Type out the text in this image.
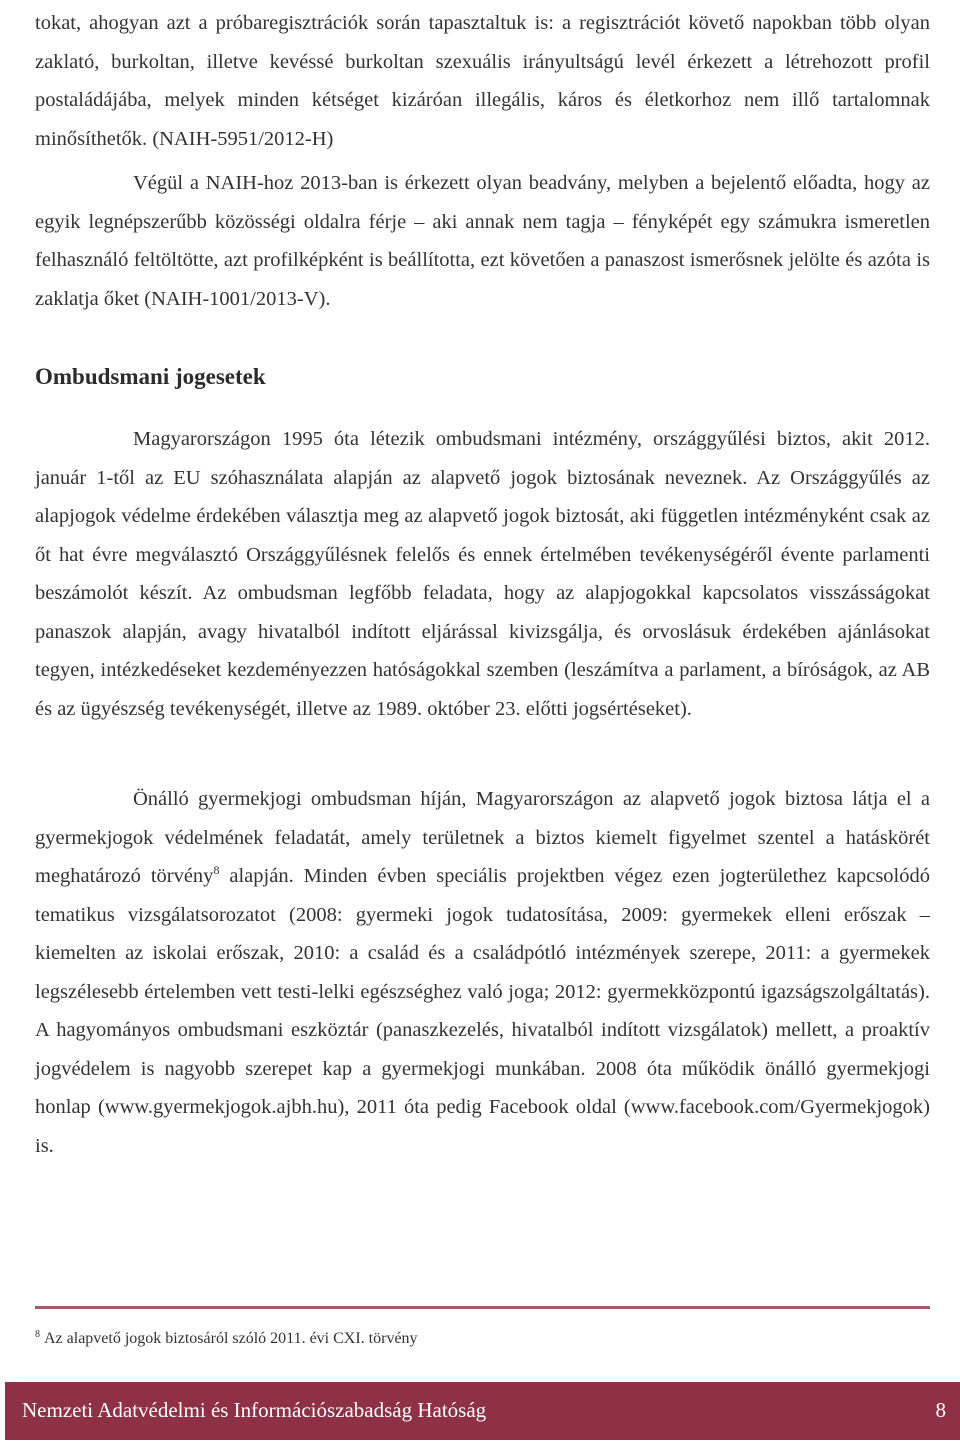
tokat, ahogyan azt a próbaregisztrációk során tapasztaltuk is: a regisztrációt követő napokban több olyan zaklató, burkoltan, illetve kevéssé burkoltan szexuális irányultságú levél érkezett a létrehozott profil postaládájába, melyek minden kétséget kizáróan illegális, káros és életkorhoz nem illő tartalomnak minősíthetők. (NAIH-5951/2012-H)

Végül a NAIH-hoz 2013-ban is érkezett olyan beadvány, melyben a bejelentő előadta, hogy az egyik legnépszerűbb közösségi oldalra férje – aki annak nem tagja – fényképét egy számukra ismeretlen felhasználó feltöltötte, azt profilképként is beállította, ezt követően a panaszost ismerősnek jelölte és azóta is zaklatja őket (NAIH-1001/2013-V).

Ombudsmani jogesetek

Magyarországon 1995 óta létezik ombudsmani intézmény, országgyűlési biztos, akit 2012. január 1-től az EU szóhasználata alapján az alapvető jogok biztosának neveznek. Az Országgyűlés az alapjogok védelme érdekében választja meg az alapvető jogok biztosát, aki független intézményként csak az őt hat évre megválasztó Országgyűlésnek felelős és ennek értelmében tevékenységéről évente parlamenti beszámolót készít. Az ombudsman legfőbb feladata, hogy az alapjogokkal kapcsolatos visszásságokat panaszok alapján, avagy hivatalból indított eljárással kivizsgálja, és orvoslásuk érdekében ajánlásokat tegyen, intézkedéseket kezdeményezzen hatóságokkal szemben (leszámítva a parlament, a bíróságok, az AB és az ügyészség tevékenységét, illetve az 1989. október 23. előtti jogsértéseket).

Önálló gyermekjogi ombudsman híján, Magyarországon az alapvető jogok biztosa látja el a gyermekjogok védelmének feladatát, amely területnek a biztos kiemelt figyelmet szentel a hatáskörét meghatározó törvény$^8$ alapján. Minden évben speciális projektben végez ezen jogterülethez kapcsolódó tematikus vizsgálatsorozatot (2008: gyermeki jogok tudatosítása, 2009: gyermekek elleni erőszak – kiemelten az iskolai erőszak, 2010: a család és a családpótló intézmények szerepe, 2011: a gyermekek legszélesebb értelemben vett testi-lelki egészséghez való joga; 2012: gyermekközpontú igazságszolgáltatás). A hagyományos ombudsmani eszköztár (panaszkezelés, hivatalból indított vizsgálatok) mellett, a proaktív jogvédelem is nagyobb szerepet kap a gyermekjogi munkában. 2008 óta működik önálló gyermekjogi honlap (www.gyermekjogok.ajbh.hu), 2011 óta pedig Facebook oldal (www.facebook.com/Gyermekjogok) is.

$^8$ Az alapvető jogok biztosáról szóló 2011. évi CXI. törvény
Nemzeti Adatvédelmi és Információszabadság Hatóság	8
